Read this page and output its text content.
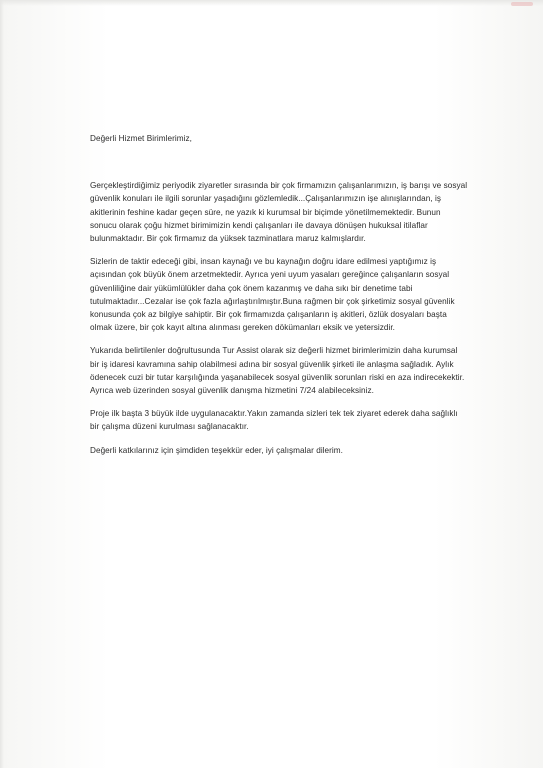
Değerli Hizmet Birimlerimiz,

Gerçekleştirdiğimiz periyodik ziyaretler sırasında bir çok firmamızın çalışanlarımızın, iş barışı ve sosyal
güvenlik konuları ile ilgili sorunlar yaşadığını gözlemledik...Çalışanlarımızın işe alınışlarından, iş
akitlerinin feshine kadar geçen süre, ne yazık ki kurumsal bir biçimde yönetilmemektedir. Bunun
sonucu olarak çoğu hizmet birimimizin kendi çalışanları ile davaya dönüşen hukuksal itilaflar
bulunmaktadır. Bir çok firmamız da yüksek tazminatlara maruz kalmışlardır.
Sizlerin de taktir edeceği gibi, insan kaynağı ve bu kaynağın doğru idare edilmesi yaptığımız iş
açısından çok büyük önem arzetmektedir. Ayrıca yeni uyum yasaları gereğince çalışanların sosyal
güvenliliğine dair yükümlülükler daha çok önem kazanmış ve daha sıkı bir denetime tabi
tutulmaktadır...Cezalar ise çok fazla ağırlaştırılmıştır.Buna rağmen bir çok şirketimiz sosyal güvenlik
konusunda çok az bilgiye sahiptir. Bir çok firmamızda çalışanların iş akitleri, özlük dosyaları başta
olmak üzere, bir çok kayıt altına alınması gereken dökümanları eksik ve yetersizdir.
Yukarıda belirtilenler doğrultusunda Tur Assist olarak siz değerli hizmet birimlerimizin daha kurumsal
bir iş idaresi kavramına sahip olabilmesi adına bir sosyal güvenlik şirketi ile anlaşma sağladık. Aylık
ödenecek cuzi bir tutar karşılığında yaşanabilecek sosyal güvenlik sorunları riski en aza indirecekektir.
Ayrıca web üzerinden sosyal güvenlik danışma hizmetini 7/24 alabileceksiniz.
Proje ilk başta 3 büyük ilde uygulanacaktır.Yakın zamanda sizleri tek tek ziyaret ederek daha sağlıklı
bir çalışma düzeni kurulması sağlanacaktır.
Değerli katkılarınız için şimdiden teşekkür eder, iyi çalışmalar dilerim.
